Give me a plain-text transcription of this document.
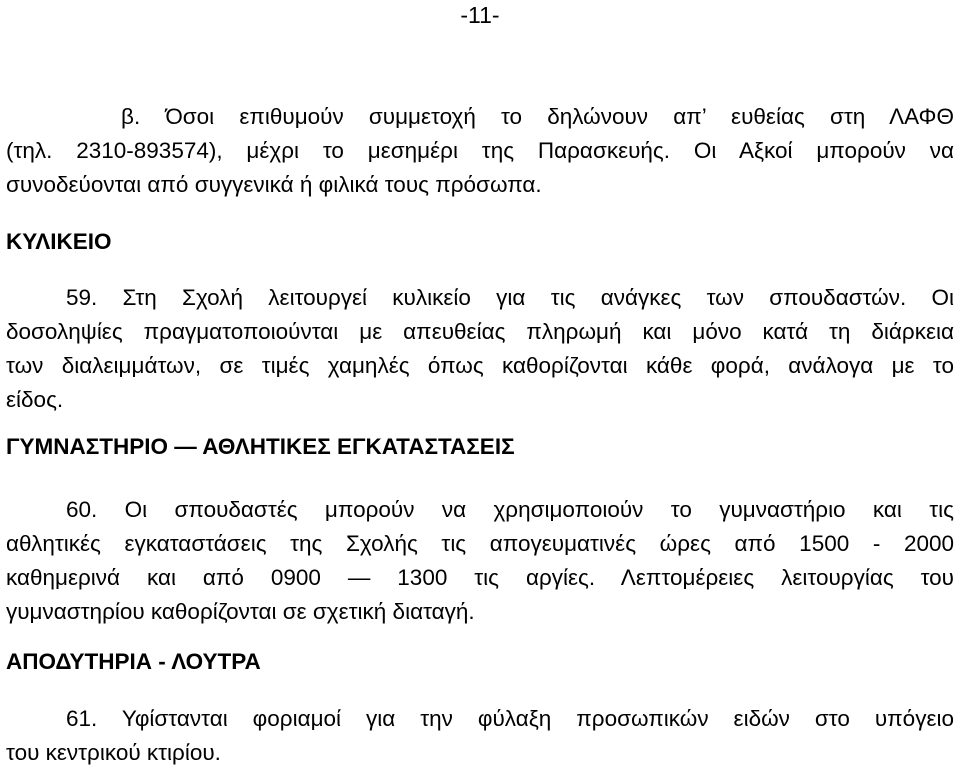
-11-
β. Όσοι επιθυμούν συμμετοχή το δηλώνουν απ’ ευθείας στη ΛΑΦΘ
(τηλ. 2310-893574), μέχρι το μεσημέρι της Παρασκευής. Οι Αξκοί μπορούν να
συνοδεύονται από συγγενικά ή φιλικά τους πρόσωπα.
ΚΥΛΙΚΕΙΟ
59. Στη Σχολή λειτουργεί κυλικείο για τις ανάγκες των σπουδαστών. Οι
δοσοληψίες πραγματοποιούνται με απευθείας πληρωμή και μόνο κατά τη διάρκεια
των διαλειμμάτων, σε τιμές χαμηλές όπως καθορίζονται κάθε φορά, ανάλογα με το
είδος.
ΓΥΜΝΑΣΤΗΡΙΟ — ΑΘΛΗΤΙΚΕΣ ΕΓΚΑΤΑΣΤΑΣΕΙΣ
60. Οι σπουδαστές μπορούν να χρησιμοποιούν το γυμναστήριο και τις
αθλητικές εγκαταστάσεις της Σχολής τις απογευματινές ώρες από 1500 - 2000
καθημερινά και από 0900 — 1300 τις αργίες. Λεπτομέρειες λειτουργίας του
γυμναστηρίου καθορίζονται σε σχετική διαταγή.
ΑΠΟΔΥΤΗΡΙΑ - ΛΟΥΤΡΑ
61. Υφίστανται φοριαμοί για την φύλαξη προσωπικών ειδών στο υπόγειο
του κεντρικού κτιρίου.
